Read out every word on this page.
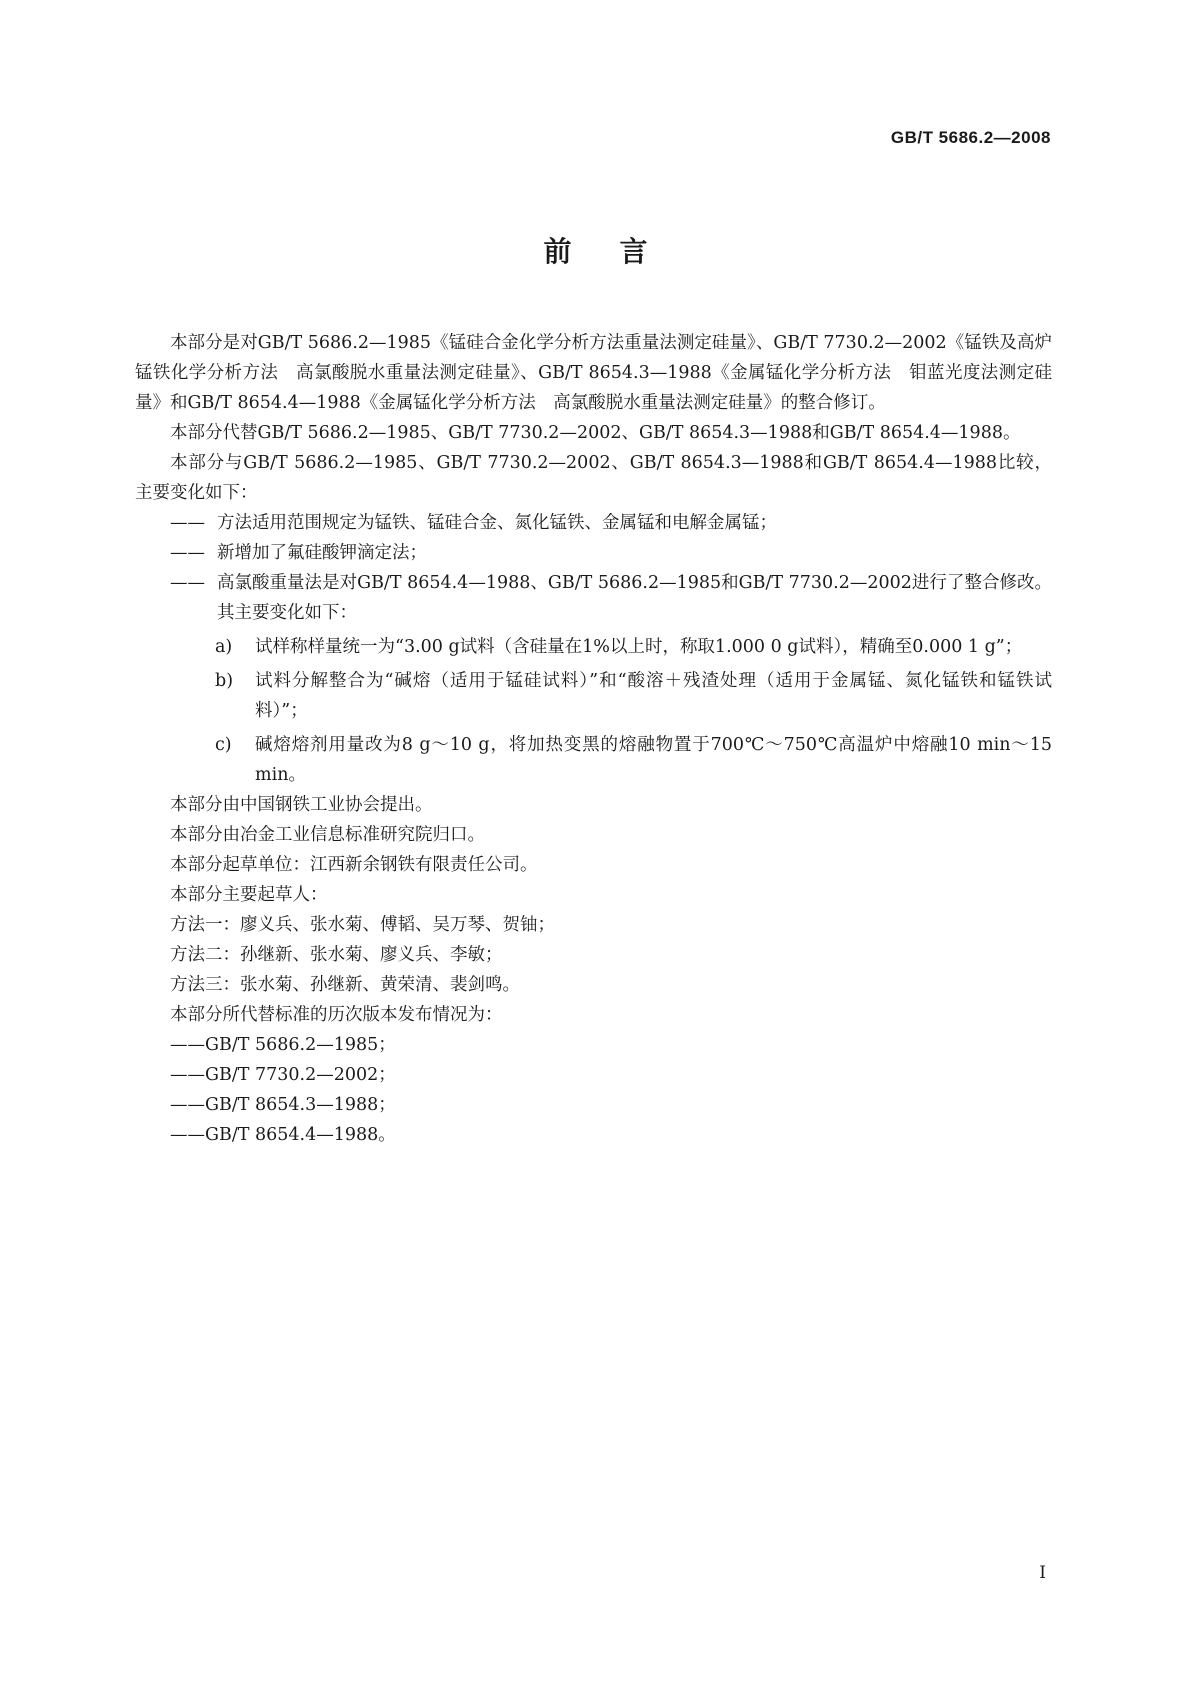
GB/T 5686.2—2008
前言

本部分是对GB/T 5686.2—1985《锰硅合金化学分析方法重量法测定硅量》、GB/T 7730.2—2002《锰铁及高炉锰铁化学分析方法　高氯酸脱水重量法测定硅量》、GB/T 8654.3—1988《金属锰化学分析方法　钼蓝光度法测定硅量》和GB/T 8654.4—1988《金属锰化学分析方法　高氯酸脱水重量法测定硅量》的整合修订。

本部分代替GB/T 5686.2—1985、GB/T 7730.2—2002、GB/T 8654.3—1988和GB/T 8654.4—1988。

本部分与GB/T 5686.2—1985、GB/T 7730.2—2002、GB/T 8654.3—1988和GB/T 8654.4—1988比较，主要变化如下：

—— 方法适用范围规定为锰铁、锰硅合金、氮化锰铁、金属锰和电解金属锰；
—— 新增加了氟硅酸钾滴定法；
—— 高氯酸重量法是对GB/T 8654.4—1988、GB/T 5686.2—1985和GB/T 7730.2—2002进行了整合修改。其主要变化如下：
a) 试样称样量统一为“3.00 g试料（含硅量在1%以上时，称取1.000 0 g试料），精确至0.000 1 g”；
b) 试料分解整合为“碱熔（适用于锰硅试料）”和“酸溶＋残渣处理（适用于金属锰、氮化锰铁和锰铁试料）”；
c) 碱熔熔剂用量改为8 g～10 g，将加热变黑的熔融物置于700℃～750℃高温炉中熔融10 min～15 min。

本部分由中国钢铁工业协会提出。

本部分由冶金工业信息标准研究院归口。

本部分起草单位：江西新余钢铁有限责任公司。

本部分主要起草人：

方法一：廖义兵、张水菊、傅韬、吴万琴、贺铀；

方法二：孙继新、张水菊、廖义兵、李敏；

方法三：张水菊、孙继新、黄荣清、裴剑鸣。

本部分所代替标准的历次版本发布情况为：

——GB/T 5686.2—1985；

——GB/T 7730.2—2002；

——GB/T 8654.3—1988；

——GB/T 8654.4—1988。

I
